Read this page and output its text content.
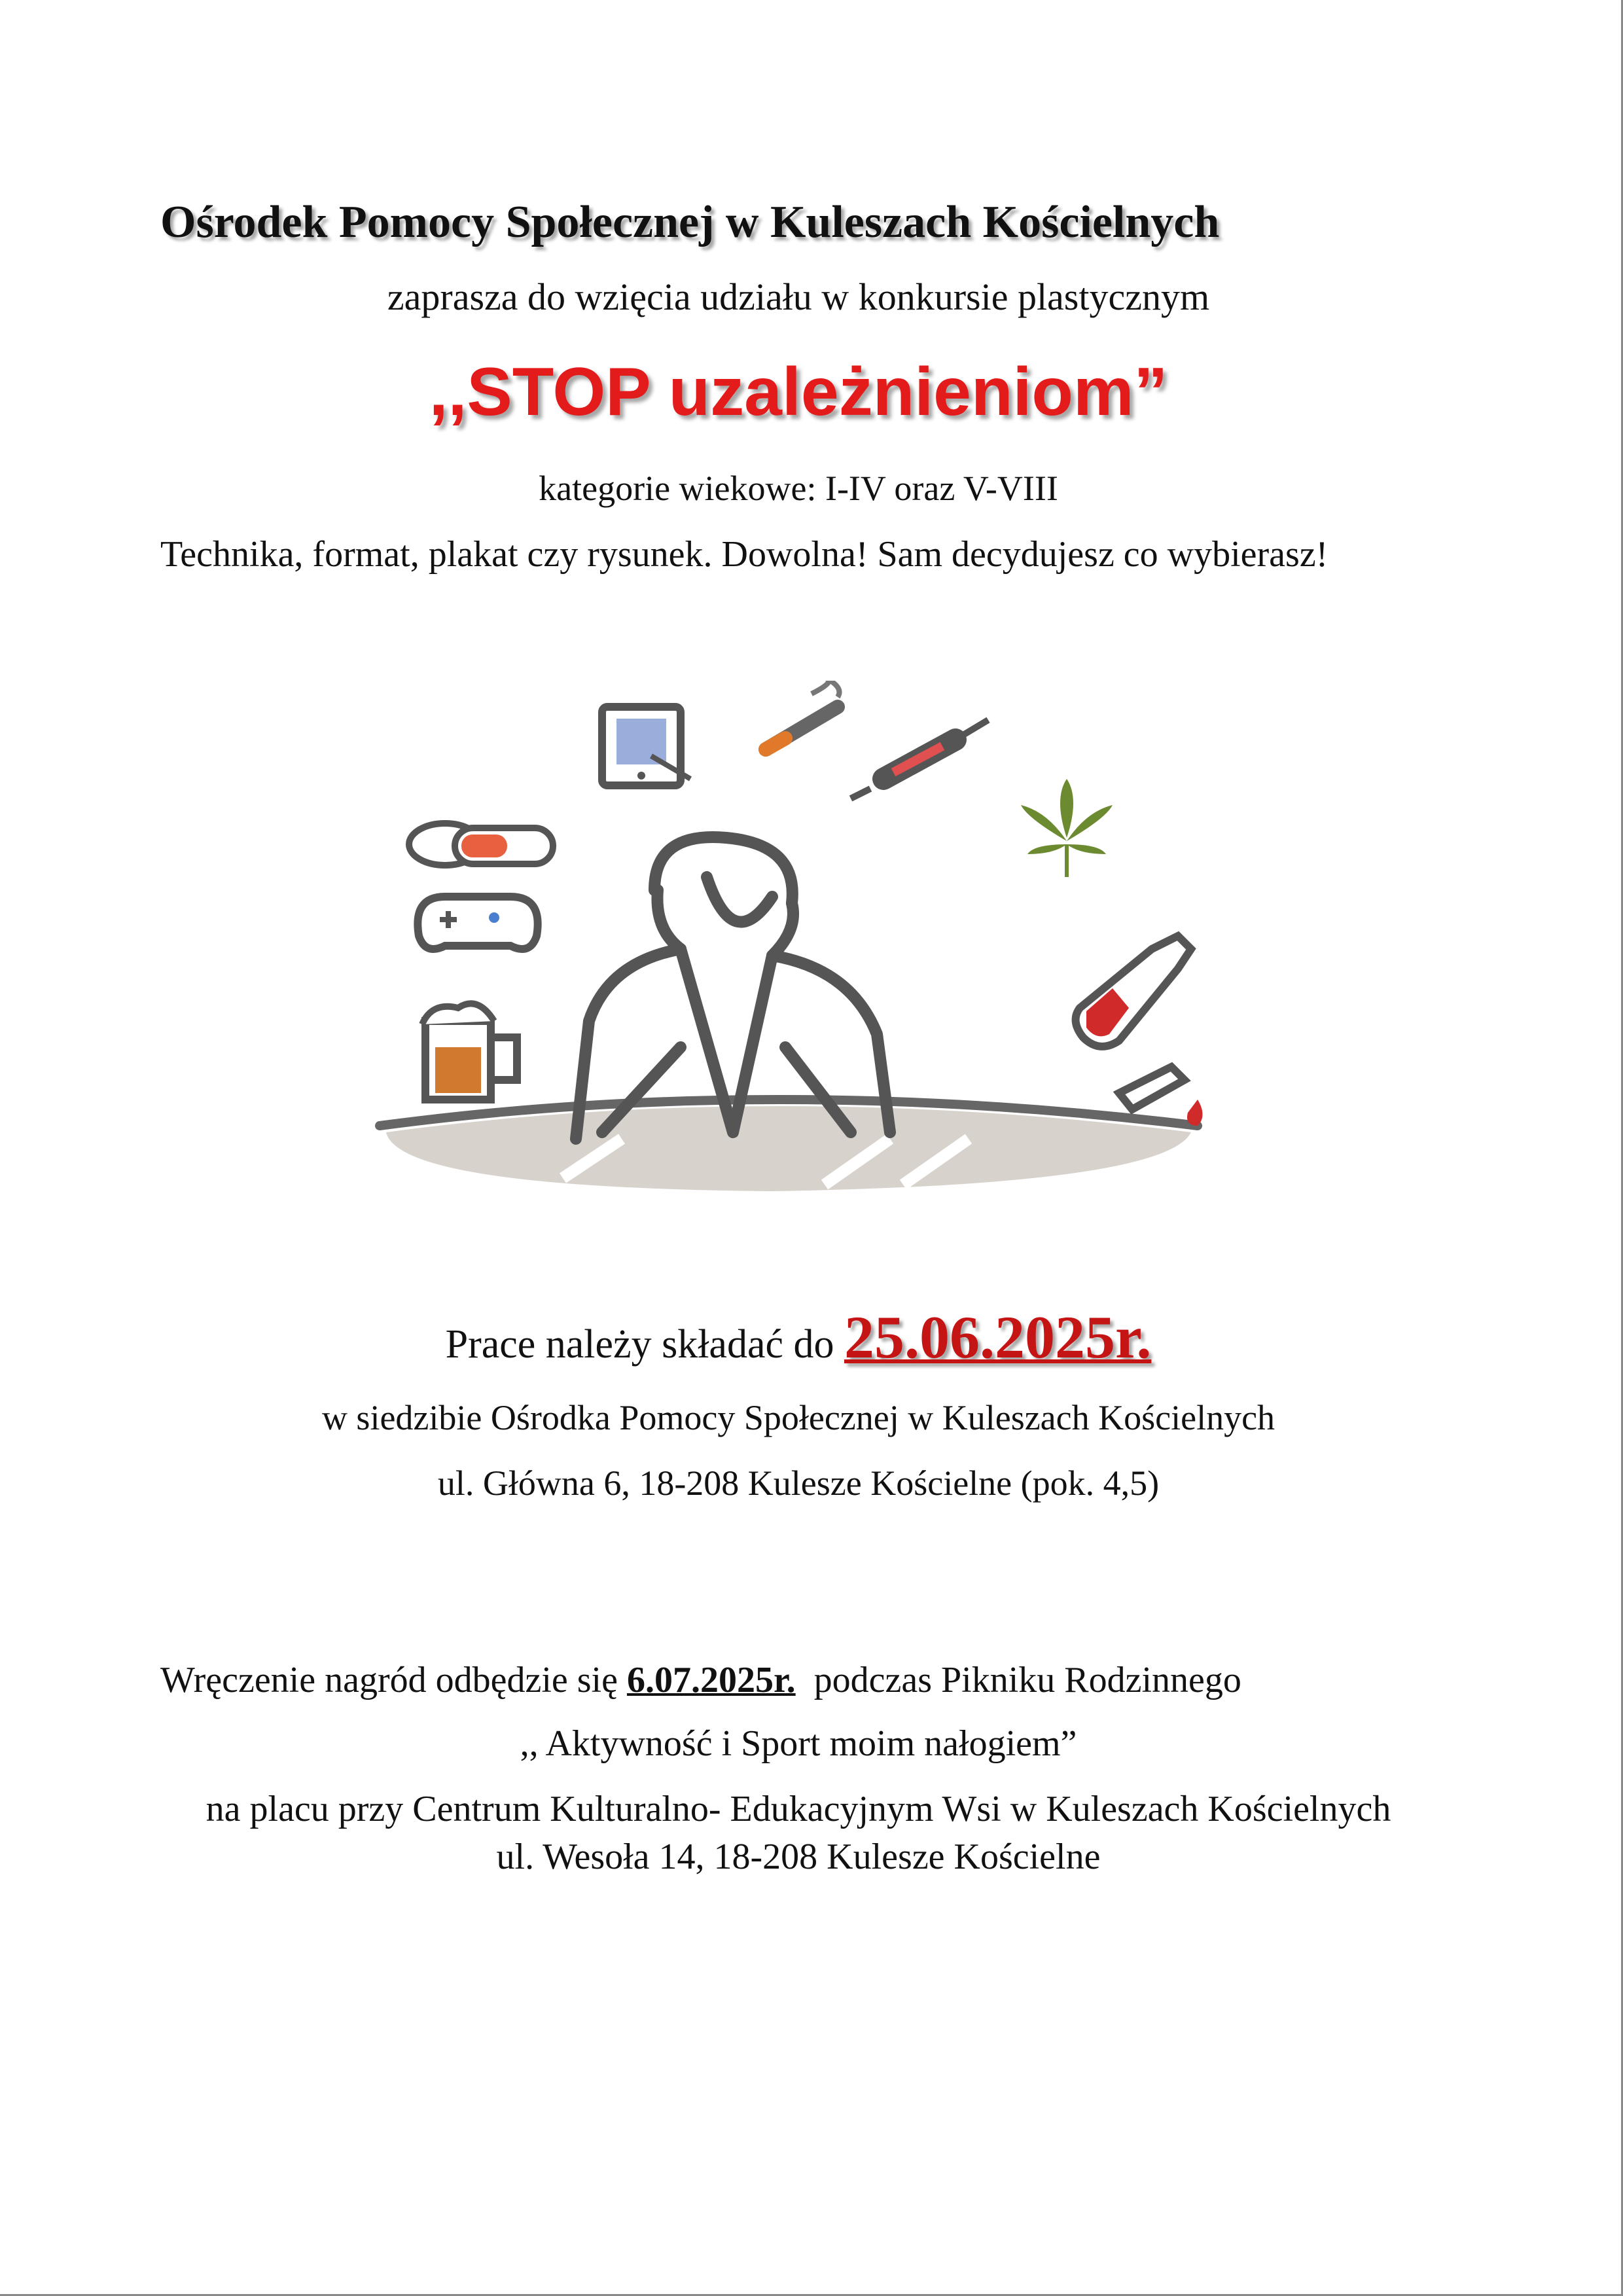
Ośrodek Pomocy Społecznej w Kuleszach Kościelnych
zaprasza do wzięcia udziału w konkursie plastycznym
,,STOP uzależnieniom”
kategorie wiekowe: I-IV oraz V-VIII
Technika, format, plakat czy rysunek. Dowolna! Sam decydujesz co wybierasz!
Prace należy składać do 25.06.2025r.
w siedzibie Ośrodka Pomocy Społecznej w Kuleszach Kościelnych
ul. Główna 6, 18-208 Kulesze Kościelne (pok. 4,5)
Wręczenie nagród odbędzie się 6.07.2025r.  podczas Pikniku Rodzinnego
,, Aktywność i Sport moim nałogiem”
na placu przy Centrum Kulturalno- Edukacyjnym Wsi w Kuleszach Kościelnych
ul. Wesoła 14, 18-208 Kulesze Kościelne
